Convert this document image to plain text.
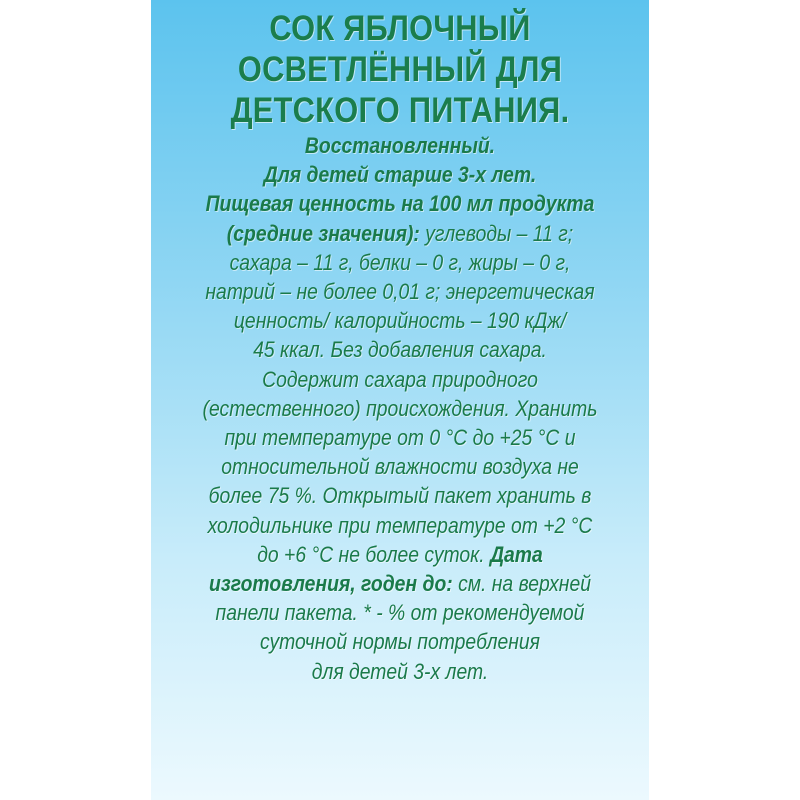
СОК ЯБЛОЧНЫЙ
ОСВЕТЛЁННЫЙ ДЛЯ
ДЕТСКОГО ПИТАНИЯ.
Восстановленный.
Для детей старше 3-х лет.
Пищевая ценность на 100 мл продукта
(средние значения): углеводы – 11 г;
сахара – 11 г, белки – 0 г, жиры – 0 г,
натрий – не более 0,01 г; энергетическая
ценность/ калорийность – 190 кДж/
45 ккал. Без добавления сахара.
Содержит сахара природного
(естественного) происхождения. Хранить
при температуре от 0 °С до +25 °С и
относительной влажности воздуха не
более 75 %. Открытый пакет хранить в
холодильнике при температуре от +2 °С
до +6 °С не более суток. Дата
изготовления, годен до: см. на верхней
панели пакета. * - % от рекомендуемой
суточной нормы потребления
для детей 3-х лет.
